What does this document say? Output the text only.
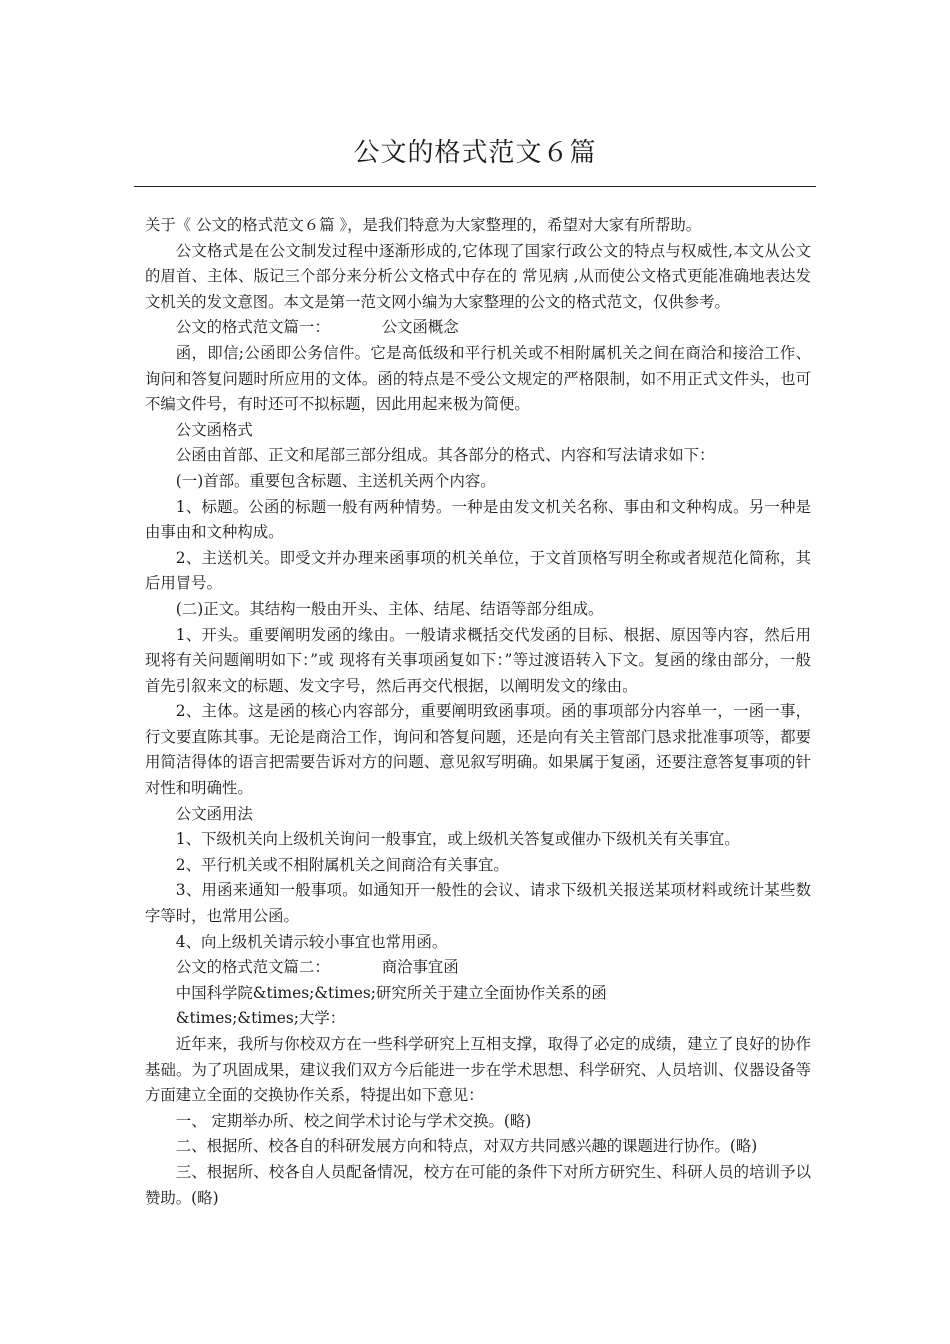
公文的格式范文６篇

关于《 公文的格式范文６篇 》，是我们特意为大家整理的，希望对大家有所帮助。

公文格式是在公文制发过程中逐渐形成的,它体现了国家行政公文的特点与权威性,本文从公文的眉首、主体、版记三个部分来分析公文格式中存在的 常见病 ,从而使公文格式更能准确地表达发文机关的发文意图。本文是第一范文网小编为大家整理的公文的格式范文，仅供参考。

公文的格式范文篇一：	公文函概念

函，即信;公函即公务信件。它是高低级和平行机关或不相附属机关之间在商洽和接洽工作、询问和答复问题时所应用的文体。函的特点是不受公文规定的严格限制，如不用正式文件头，也可不编文件号，有时还可不拟标题，因此用起来极为简便。

公文函格式

公函由首部、正文和尾部三部分组成。其各部分的格式、内容和写法请求如下：

(一)首部。重要包含标题、主送机关两个内容。

1、标题。公函的标题一般有两种情势。一种是由发文机关名称、事由和文种构成。另一种是由事由和文种构成。

2、主送机关。即受文并办理来函事项的机关单位，于文首顶格写明全称或者规范化简称，其后用冒号。

(二)正文。其结构一般由开头、主体、结尾、结语等部分组成。

1、开头。重要阐明发函的缘由。一般请求概括交代发函的目标、根据、原因等内容，然后用 现将有关问题阐明如下：”或 现将有关事项函复如下：”等过渡语转入下文。复函的缘由部分，一般首先引叙来文的标题、发文字号，然后再交代根据，以阐明发文的缘由。

2、主体。这是函的核心内容部分，重要阐明致函事项。函的事项部分内容单一，一函一事，行文要直陈其事。无论是商洽工作，询问和答复问题，还是向有关主管部门恳求批准事项等，都要用简洁得体的语言把需要告诉对方的问题、意见叙写明确。如果属于复函，还要注意答复事项的针对性和明确性。

公文函用法

1、下级机关向上级机关询问一般事宜，或上级机关答复或催办下级机关有关事宜。

2、平行机关或不相附属机关之间商洽有关事宜。

3、用函来通知一般事项。如通知开一般性的会议、请求下级机关报送某项材料或统计某些数字等时，也常用公函。

4、向上级机关请示较小事宜也常用函。

公文的格式范文篇二：	商洽事宜函

中国科学院&times;&times;研究所关于建立全面协作关系的函

&times;&times;大学：

近年来，我所与你校双方在一些科学研究上互相支撑，取得了必定的成绩，建立了良好的协作基础。为了巩固成果，建议我们双方今后能进一步在学术思想、科学研究、人员培训、仪器设备等方面建立全面的交换协作关系，特提出如下意见：

一、 定期举办所、校之间学术讨论与学术交换。(略)

二、根据所、校各自的科研发展方向和特点，对双方共同感兴趣的课题进行协作。(略)

三、根据所、校各自人员配备情况，校方在可能的条件下对所方研究生、科研人员的培训予以赞助。(略)
